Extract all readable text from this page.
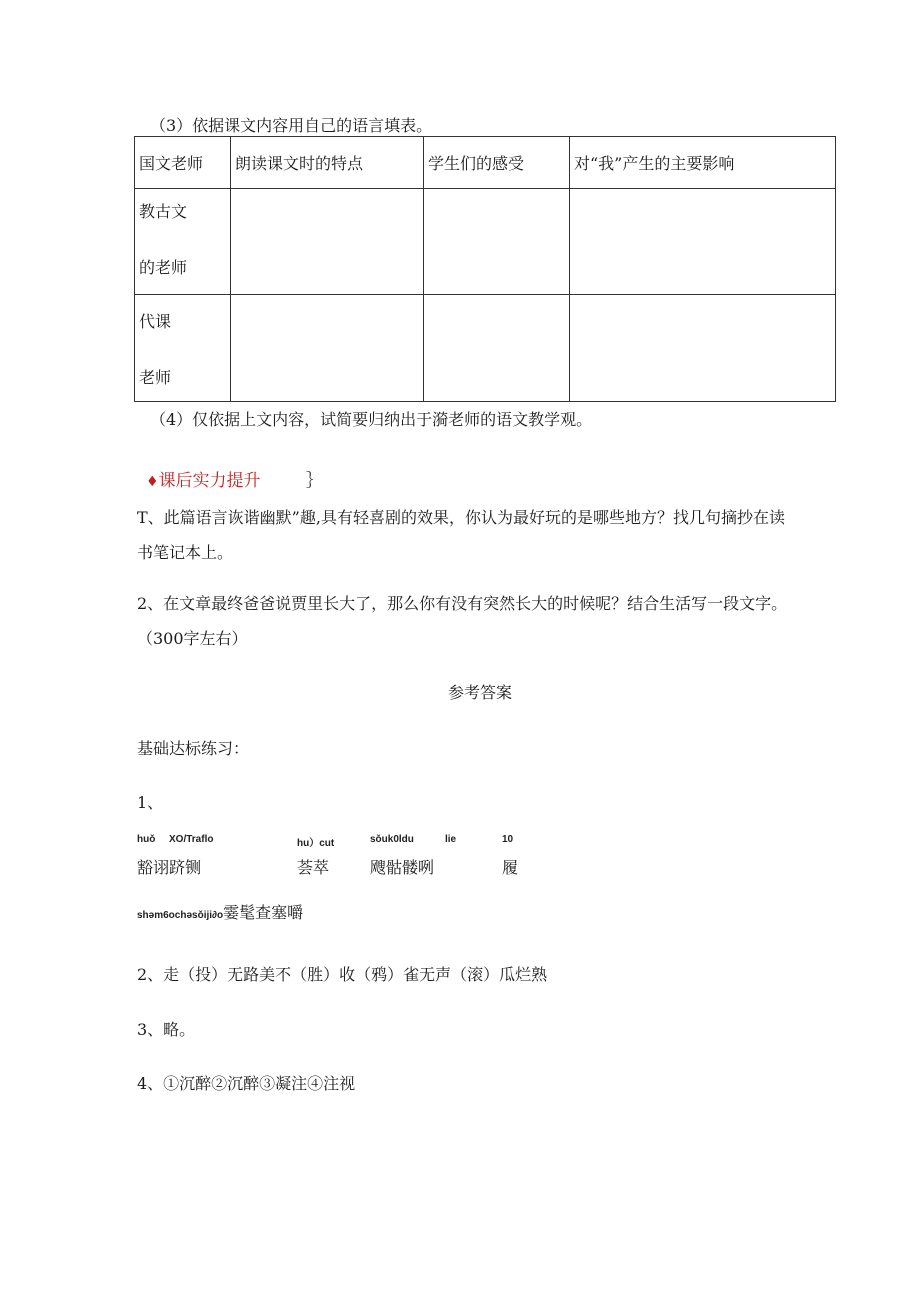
（3）依据课文内容用自己的语言填表。
国文老师	朗读课文时的特点	学生们的感受	对“我”产生的主要影响

教古文
的老师			

代课
老师			

（4）仅依据上文内容，试简要归纳出于漪老师的语文教学观。
♦课后实力提升	｝
T、此篇语言诙谐幽默”趣,具有轻喜剧的效果，你认为最好玩的是哪些地方？找几句摘抄在读
书笔记本上。
2、在文章最终爸爸说贾里长大了，那么你有没有突然长大的时候呢？结合生活写一段文字。
（300字左右）
参考答案
基础达标练习：
1、
huǒ XO/Traflo	hu）cut	sǒuk0ldu	lie	10
豁诩跻铡	荟萃	飕骷髅咧	履
shəm6ochəsǒiji∂o霎髦查塞嚼
2、走（投）无路美不（胜）收（鸦）雀无声（滚）瓜烂熟
3、略。
4、①沉醉②沉醉③凝注④注视
